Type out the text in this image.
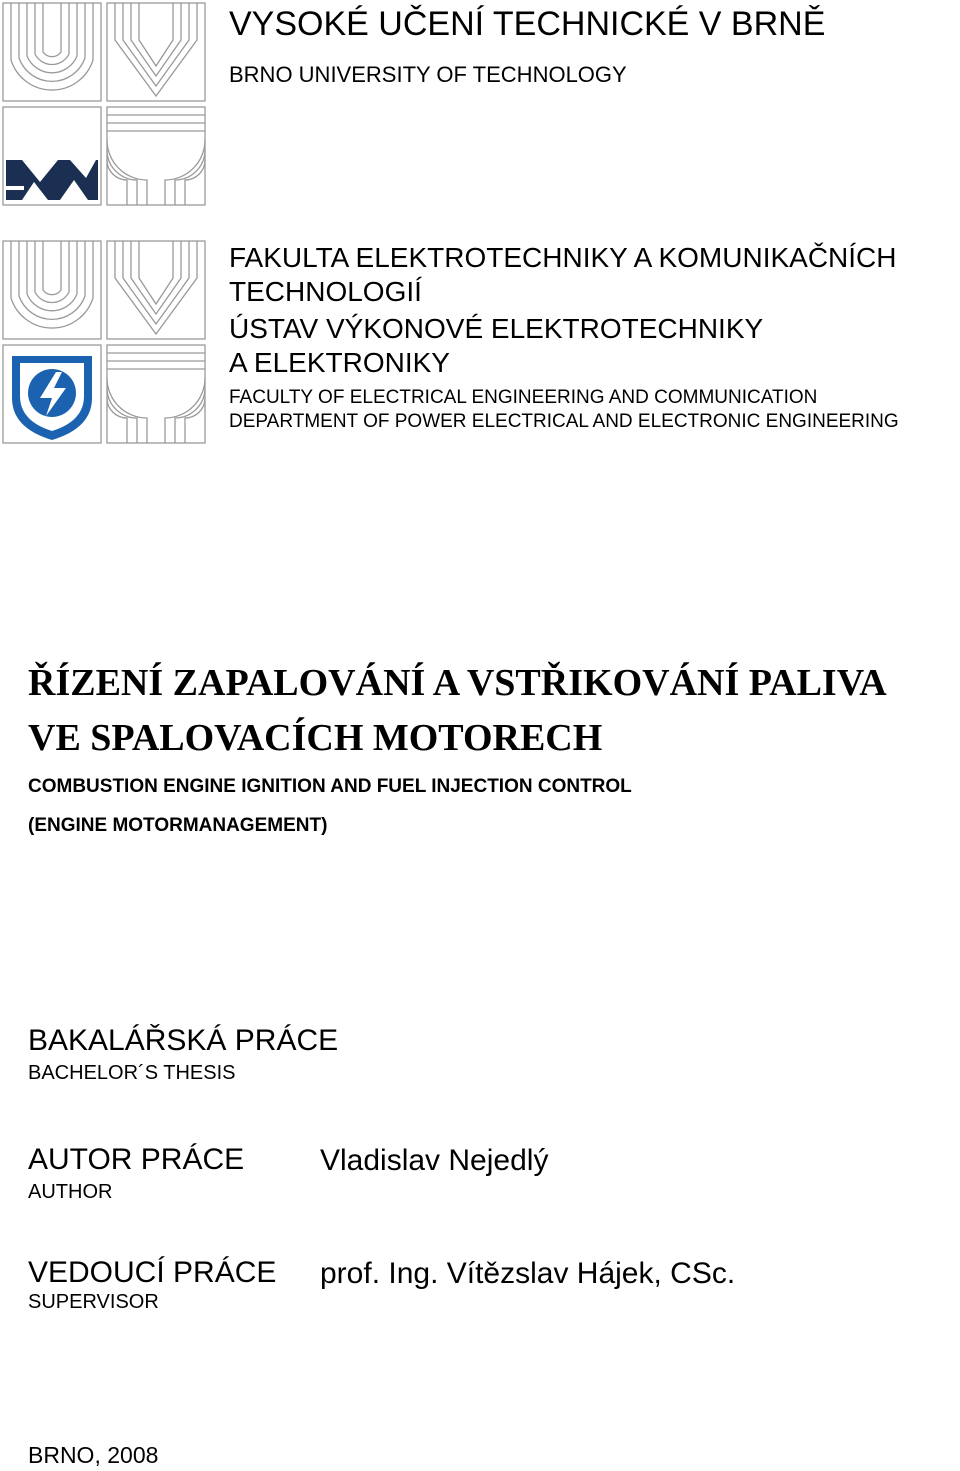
VYSOKÉ UČENÍ TECHNICKÉ V BRNĚ
BRNO UNIVERSITY OF TECHNOLOGY
FAKULTA ELEKTROTECHNIKY A KOMUNIKAČNÍCH
TECHNOLOGIÍ
ÚSTAV VÝKONOVÉ ELEKTROTECHNIKY
A ELEKTRONIKY
FACULTY OF ELECTRICAL ENGINEERING AND COMMUNICATION
DEPARTMENT OF POWER ELECTRICAL AND ELECTRONIC ENGINEERING
ŘÍZENÍ ZAPALOVÁNÍ A VSTŘIKOVÁNÍ PALIVA
VE SPALOVACÍCH MOTORECH
COMBUSTION ENGINE IGNITION AND FUEL INJECTION CONTROL
(ENGINE MOTORMANAGEMENT)
BAKALÁŘSKÁ PRÁCE
BACHELOR´S THESIS
AUTOR PRÁCE
AUTHOR
Vladislav Nejedlý
VEDOUCÍ PRÁCE
SUPERVISOR
prof. Ing. Vítězslav Hájek, CSc.
BRNO, 2008
